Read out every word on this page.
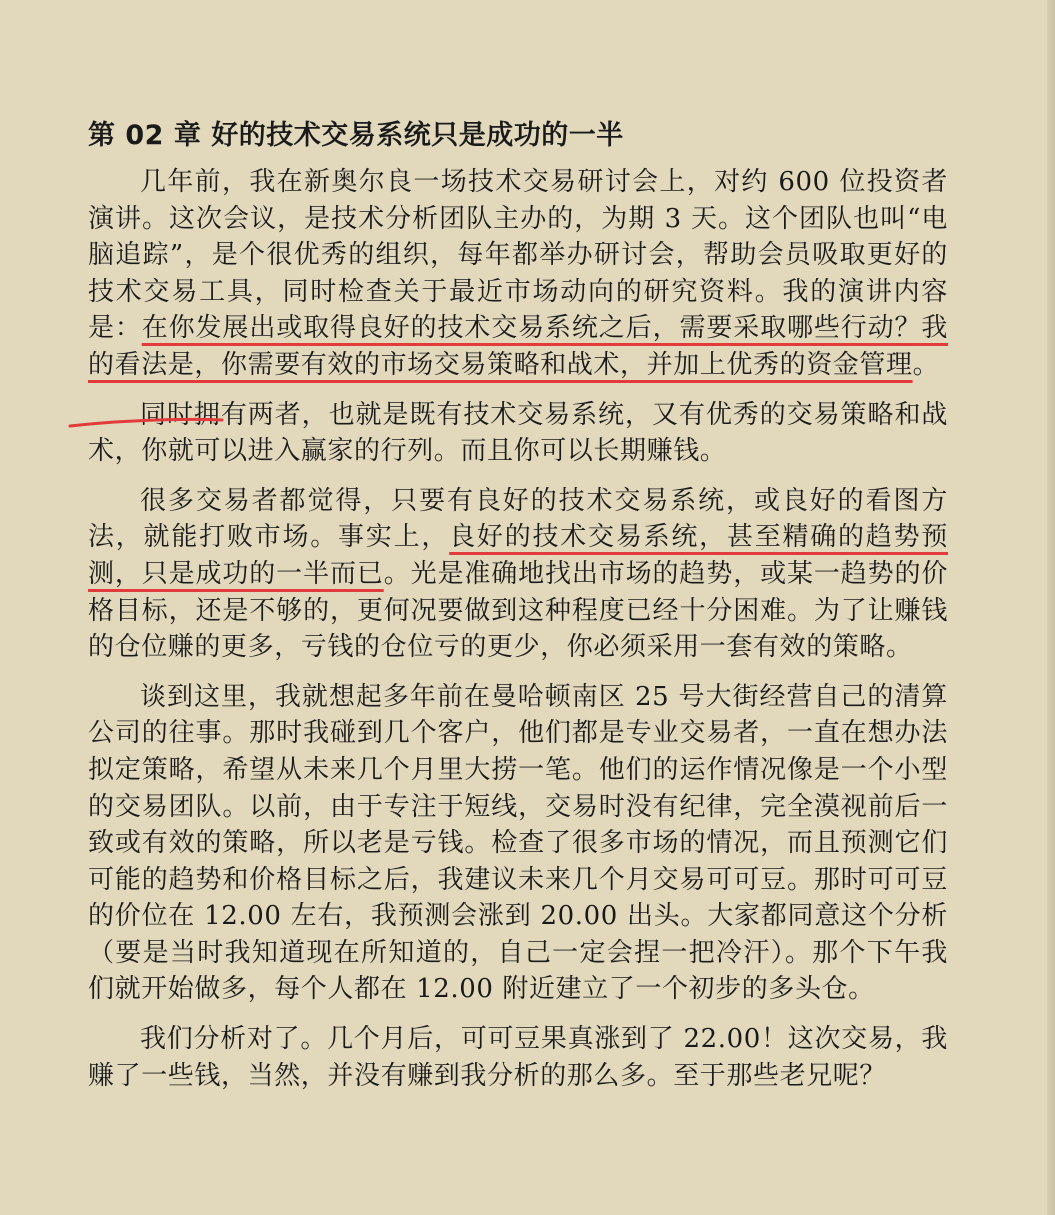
第 02 章 好的技术交易系统只是成功的一半

几年前，我在新奥尔良一场技术交易研讨会上，对约 600 位投资者演讲。这次会议，是技术分析团队主办的，为期 3 天。这个团队也叫“电脑追踪”，是个很优秀的组织，每年都举办研讨会，帮助会员吸取更好的技术交易工具，同时检查关于最近市场动向的研究资料。我的演讲内容是：在你发展出或取得良好的技术交易系统之后，需要采取哪些行动？我的看法是，你需要有效的市场交易策略和战术，并加上优秀的资金管理。

同时拥有两者，也就是既有技术交易系统，又有优秀的交易策略和战术，你就可以进入赢家的行列。而且你可以长期赚钱。

很多交易者都觉得，只要有良好的技术交易系统，或良好的看图方法，就能打败市场。事实上，良好的技术交易系统，甚至精确的趋势预测，只是成功的一半而已。光是准确地找出市场的趋势，或某一趋势的价格目标，还是不够的，更何况要做到这种程度已经十分困难。为了让赚钱的仓位赚的更多，亏钱的仓位亏的更少，你必须采用一套有效的策略。

谈到这里，我就想起多年前在曼哈顿南区 25 号大街经营自己的清算公司的往事。那时我碰到几个客户，他们都是专业交易者，一直在想办法拟定策略，希望从未来几个月里大捞一笔。他们的运作情况像是一个小型的交易团队。以前，由于专注于短线，交易时没有纪律，完全漠视前后一致或有效的策略，所以老是亏钱。检查了很多市场的情况，而且预测它们可能的趋势和价格目标之后，我建议未来几个月交易可可豆。那时可可豆的价位在 12.00 左右，我预测会涨到 20.00 出头。大家都同意这个分析（要是当时我知道现在所知道的，自己一定会捏一把冷汗）。那个下午我们就开始做多，每个人都在 12.00 附近建立了一个初步的多头仓。

我们分析对了。几个月后，可可豆果真涨到了 22.00！这次交易，我赚了一些钱，当然，并没有赚到我分析的那么多。至于那些老兄呢？
